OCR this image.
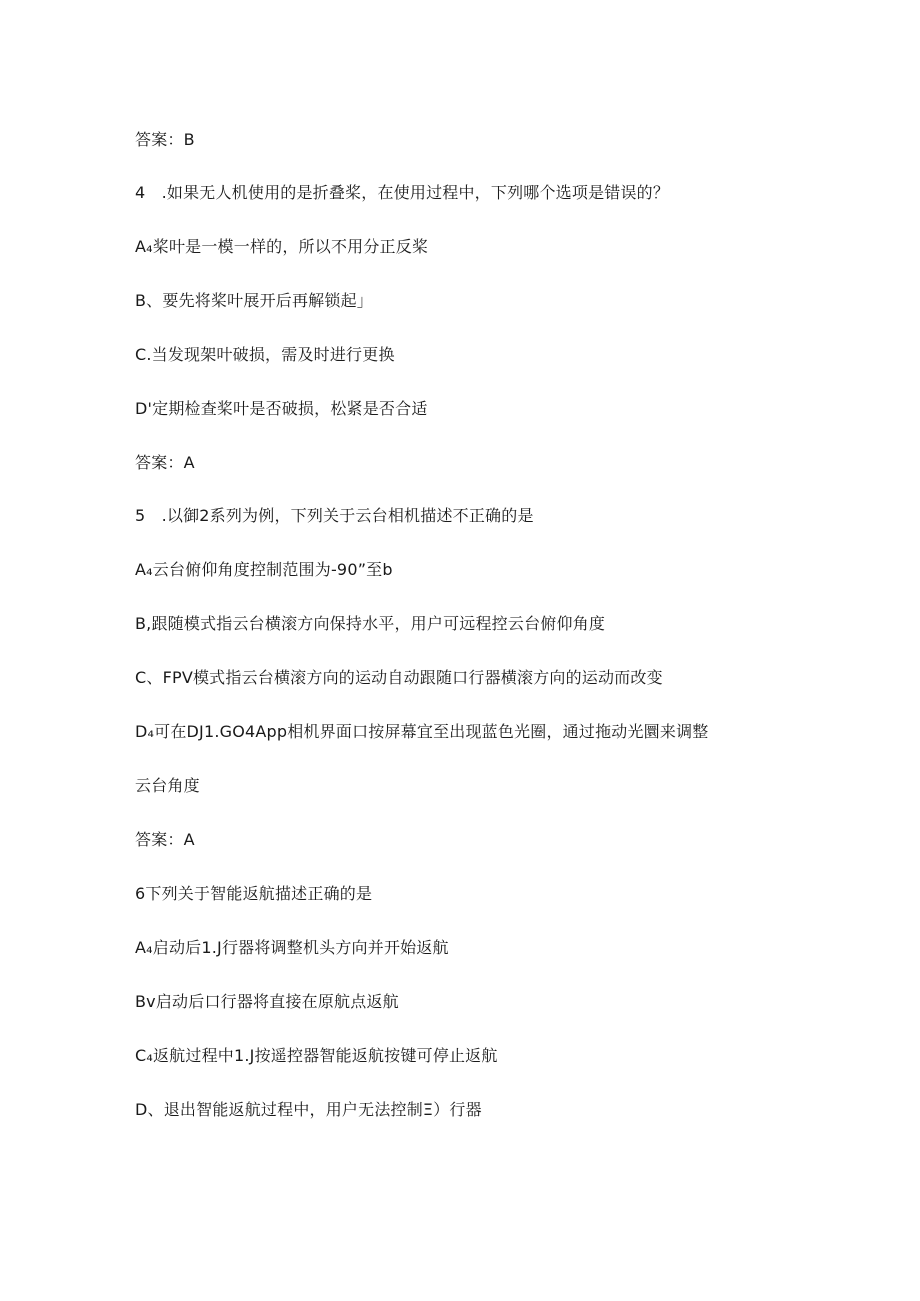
答案：B
4　.如果无人机使用的是折叠桨，在使用过程中，下列哪个选项是错误的？
A₄桨叶是一模一样的，所以不用分正反桨
B、要先将桨叶展开后再解锁起」
C.当发现架叶破损，需及时进行更换
D'定期检查桨叶是否破损，松紧是否合适
答案：A
5　.以御2系列为例，下列关于云台相机描述不正确的是
A₄云台俯仰角度控制范围为-90”至b
B,跟随模式指云台横滚方向保持水平，用户可远程控云台俯仰角度
C、FPV模式指云台横滚方向的运动自动跟随口行器横滚方向的运动而改变
D₄可在DJ1.GO4App相机界面口按屏幕宜至出现蓝色光圈，通过拖动光圜来调整
云台角度
答案：A
6下列关于智能返航描述正确的是
A₄启动后1.J行器将调整机头方向并开始返航
Bv启动后口行器将直接在原航点返航
C₄返航过程中1.J按遥控器智能返航按键可停止返航
D、退出智能返航过程中，用户无法控制Ξ）行器
